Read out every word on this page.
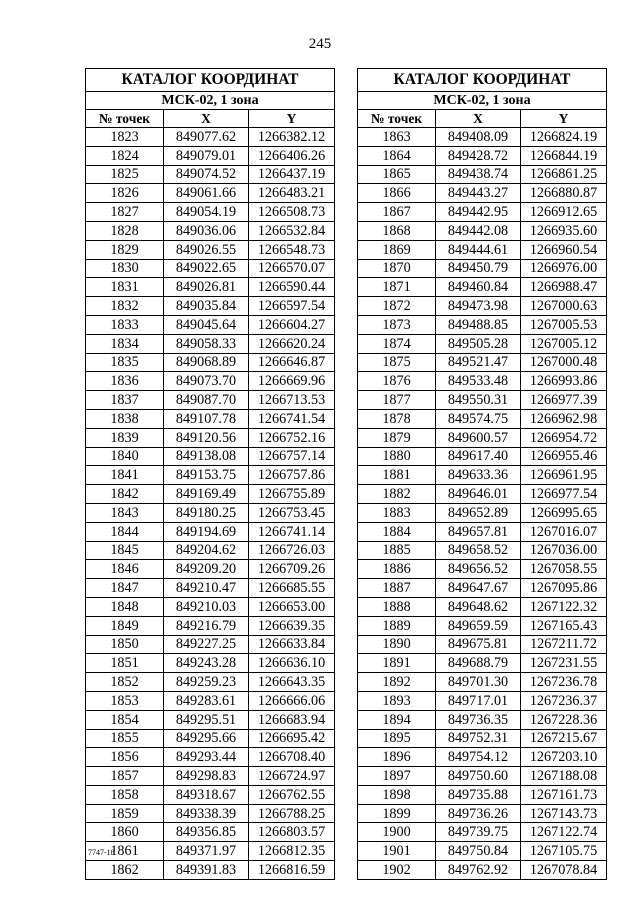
245
КАТАЛОГ КООРДИНАТ		
МСК-02, 1 зона		
№ точек	X	Y
1823	849077.62	1266382.12
1824	849079.01	1266406.26
1825	849074.52	1266437.19
1826	849061.66	1266483.21
1827	849054.19	1266508.73
1828	849036.06	1266532.84
1829	849026.55	1266548.73
1830	849022.65	1266570.07
1831	849026.81	1266590.44
1832	849035.84	1266597.54
1833	849045.64	1266604.27
1834	849058.33	1266620.24
1835	849068.89	1266646.87
1836	849073.70	1266669.96
1837	849087.70	1266713.53
1838	849107.78	1266741.54
1839	849120.56	1266752.16
1840	849138.08	1266757.14
1841	849153.75	1266757.86
1842	849169.49	1266755.89
1843	849180.25	1266753.45
1844	849194.69	1266741.14
1845	849204.62	1266726.03
1846	849209.20	1266709.26
1847	849210.47	1266685.55
1848	849210.03	1266653.00
1849	849216.79	1266639.35
1850	849227.25	1266633.84
1851	849243.28	1266636.10
1852	849259.23	1266643.35
1853	849283.61	1266666.06
1854	849295.51	1266683.94
1855	849295.66	1266695.42
1856	849293.44	1266708.40
1857	849298.83	1266724.97
1858	849318.67	1266762.55
1859	849338.39	1266788.25
1860	849356.85	1266803.57
1861	849371.97	1266812.35
1862	849391.83	1266816.59
КАТАЛОГ КООРДИНАТ		
МСК-02, 1 зона		
№ точек	X	Y
1863	849408.09	1266824.19
1864	849428.72	1266844.19
1865	849438.74	1266861.25
1866	849443.27	1266880.87
1867	849442.95	1266912.65
1868	849442.08	1266935.60
1869	849444.61	1266960.54
1870	849450.79	1266976.00
1871	849460.84	1266988.47
1872	849473.98	1267000.63
1873	849488.85	1267005.53
1874	849505.28	1267005.12
1875	849521.47	1267000.48
1876	849533.48	1266993.86
1877	849550.31	1266977.39
1878	849574.75	1266962.98
1879	849600.57	1266954.72
1880	849617.40	1266955.46
1881	849633.36	1266961.95
1882	849646.01	1266977.54
1883	849652.89	1266995.65
1884	849657.81	1267016.07
1885	849658.52	1267036.00
1886	849656.52	1267058.55
1887	849647.67	1267095.86
1888	849648.62	1267122.32
1889	849659.59	1267165.43
1890	849675.81	1267211.72
1891	849688.79	1267231.55
1892	849701.30	1267236.78
1893	849717.01	1267236.37
1894	849736.35	1267228.36
1895	849752.31	1267215.67
1896	849754.12	1267203.10
1897	849750.60	1267188.08
1898	849735.88	1267161.73
1899	849736.26	1267143.73
1900	849739.75	1267122.74
1901	849750.84	1267105.75
1902	849762.92	1267078.84
7747-18
